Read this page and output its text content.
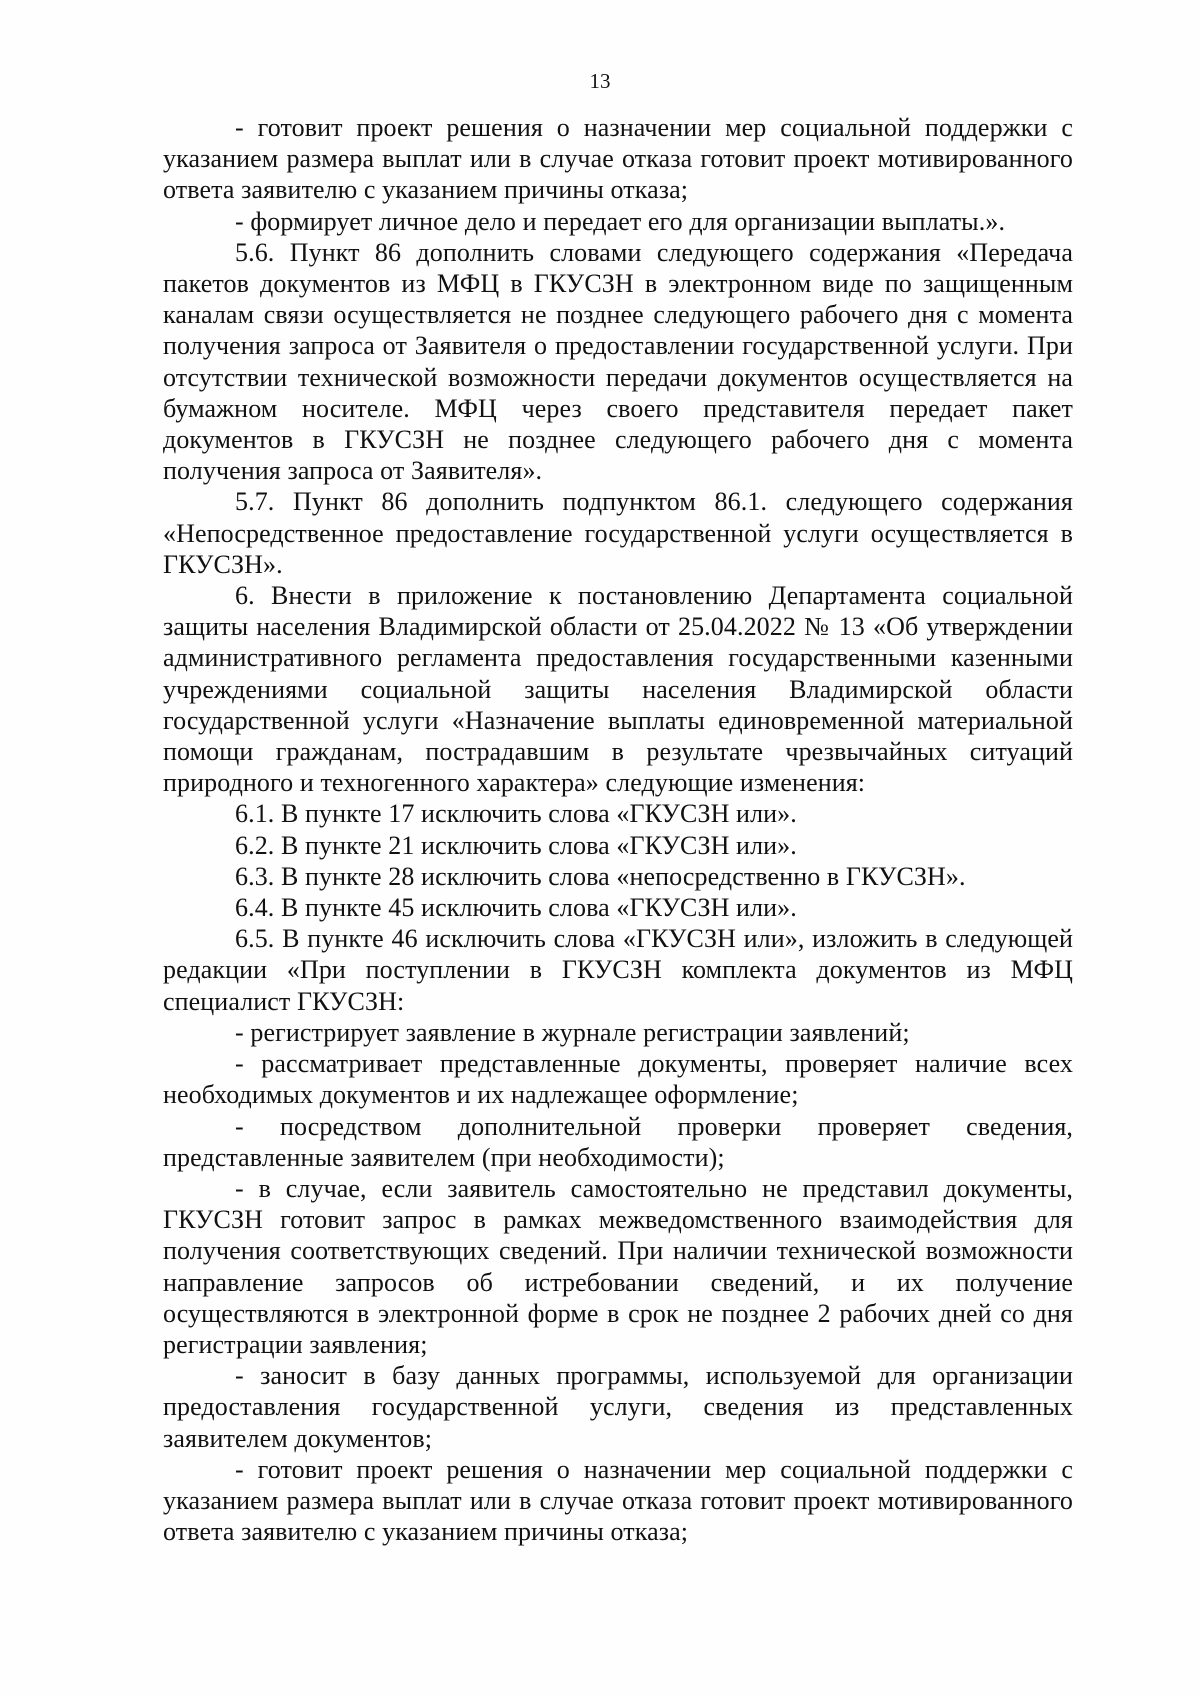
13

- готовит проект решения о назначении мер социальной поддержки с указанием размера выплат или в случае отказа готовит проект мотивированного ответа заявителю с указанием причины отказа;

- формирует личное дело и передает его для организации выплаты.».

5.6. Пункт 86 дополнить словами следующего содержания «Передача пакетов документов из МФЦ в ГКУСЗН в электронном виде по защищенным каналам связи осуществляется не позднее следующего рабочего дня с момента получения запроса от Заявителя о предоставлении государственной услуги. При отсутствии технической возможности передачи документов осуществляется на бумажном носителе. МФЦ через своего представителя передает пакет документов в ГКУСЗН не позднее следующего рабочего дня с момента получения запроса от Заявителя».

5.7. Пункт 86 дополнить подпунктом 86.1. следующего содержания «Непосредственное предоставление государственной услуги осуществляется в ГКУСЗН».

6. Внести в приложение к постановлению Департамента социальной защиты населения Владимирской области от 25.04.2022 № 13 «Об утверждении административного регламента предоставления государственными казенными учреждениями социальной защиты населения Владимирской области государственной услуги «Назначение выплаты единовременной материальной помощи гражданам, пострадавшим в результате чрезвычайных ситуаций природного и техногенного характера» следующие изменения:

6.1. В пункте 17 исключить слова «ГКУСЗН или».

6.2. В пункте 21 исключить слова «ГКУСЗН или».

6.3. В пункте 28 исключить слова «непосредственно в ГКУСЗН».

6.4. В пункте 45 исключить слова «ГКУСЗН или».

6.5. В пункте 46 исключить слова «ГКУСЗН или», изложить в следующей редакции «При поступлении в ГКУСЗН комплекта документов из МФЦ специалист ГКУСЗН:

- регистрирует заявление в журнале регистрации заявлений;

- рассматривает представленные документы, проверяет наличие всех необходимых документов и их надлежащее оформление;

- посредством дополнительной проверки проверяет сведения, представленные заявителем (при необходимости);

- в случае, если заявитель самостоятельно не представил документы, ГКУСЗН готовит запрос в рамках межведомственного взаимодействия для получения соответствующих сведений. При наличии технической возможности направление запросов об истребовании сведений, и их получение осуществляются в электронной форме в срок не позднее 2 рабочих дней со дня регистрации заявления;

- заносит в базу данных программы, используемой для организации предоставления государственной услуги, сведения из представленных заявителем документов;

- готовит проект решения о назначении мер социальной поддержки с указанием размера выплат или в случае отказа готовит проект мотивированного ответа заявителю с указанием причины отказа;
